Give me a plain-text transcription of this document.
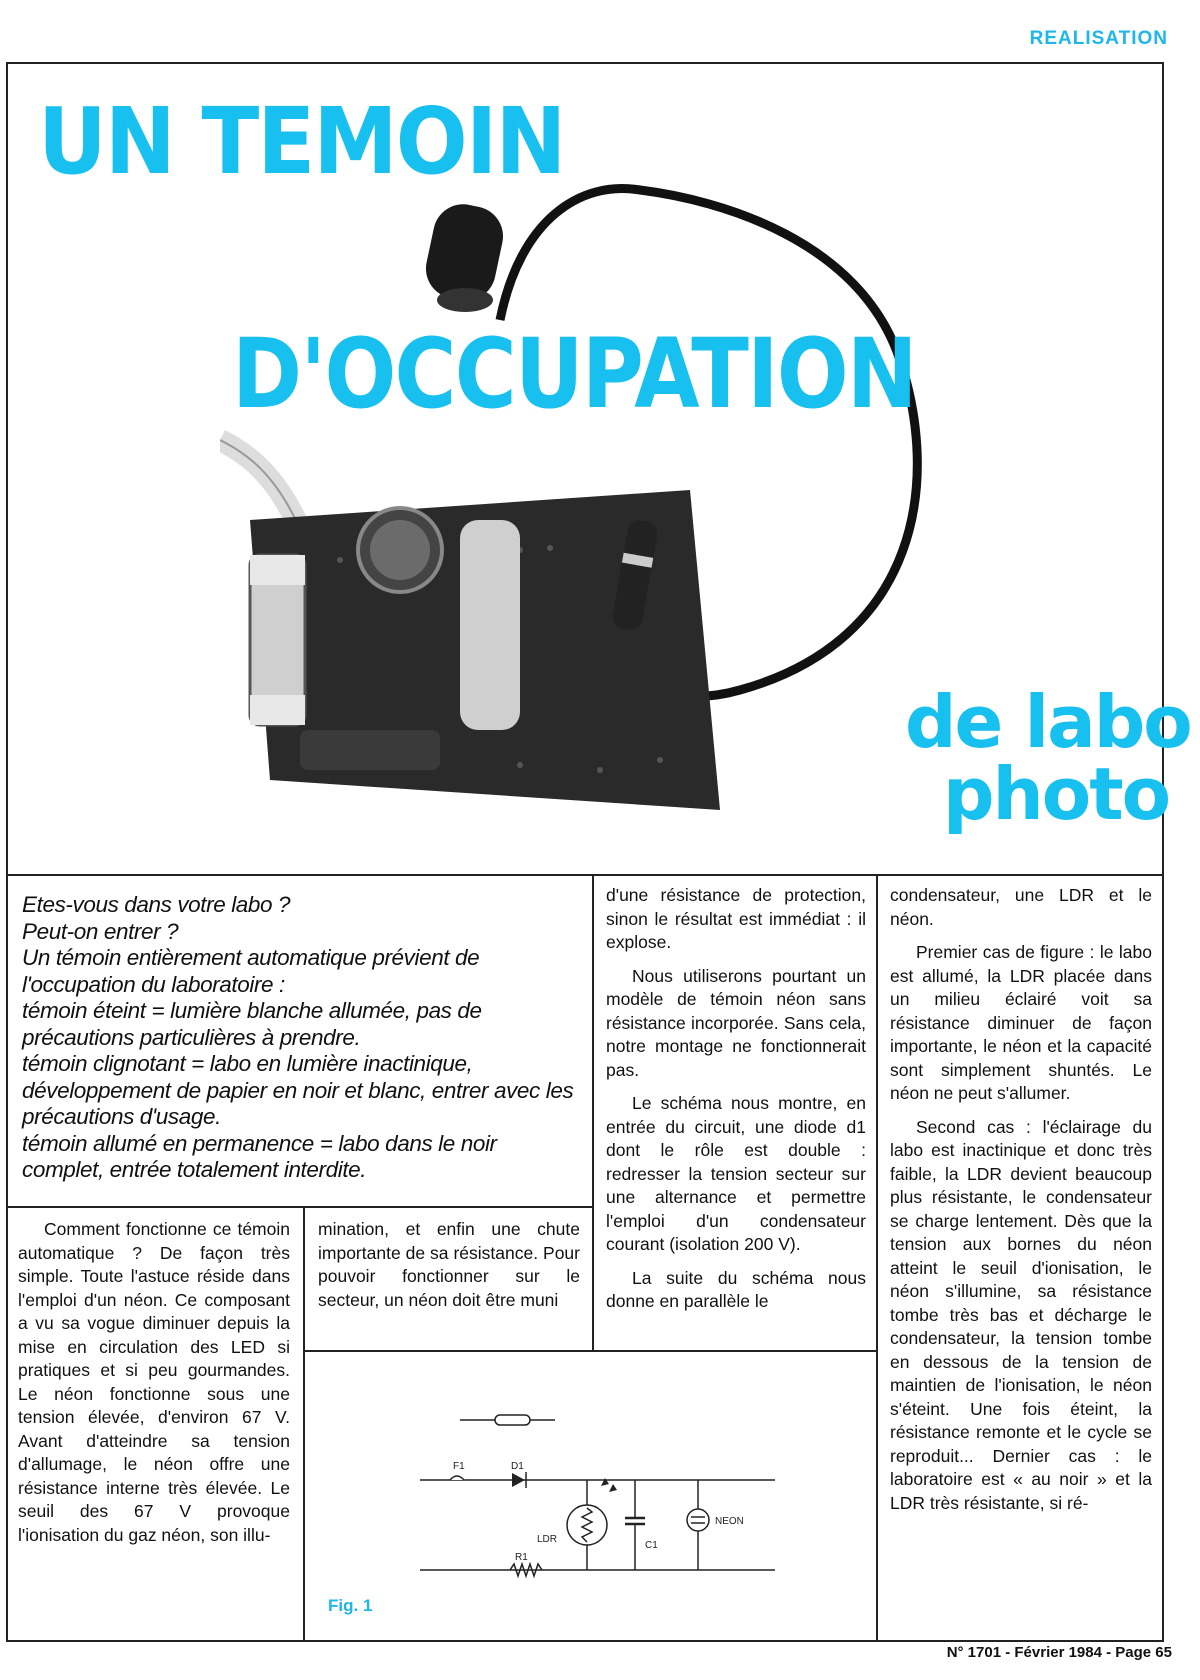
REALISATION
UN TEMOIN
D'OCCUPATION
de labo
photo

Etes-vous dans votre labo ?

Peut-on entrer ?

Un témoin entièrement automatique prévient de l'occupation du laboratoire :

témoin éteint = lumière blanche allumée, pas de précautions particulières à prendre.

témoin clignotant = labo en lumière inactinique, développement de papier en noir et blanc, entrer avec les précautions d'usage.

témoin allumé en permanence = labo dans le noir complet, entrée totalement interdite.

Comment fonctionne ce témoin automatique ? De façon très simple. Toute l'astuce réside dans l'emploi d'un néon. Ce composant a vu sa vogue diminuer depuis la mise en circulation des LED si pratiques et si peu gourmandes. Le néon fonctionne sous une tension élevée, d'environ 67 V. Avant d'atteindre sa tension d'allumage, le néon offre une résistance interne très élevée. Le seuil des 67 V provoque l'ionisation du gaz néon, son illu-

mination, et enfin une chute importante de sa résistance. Pour pouvoir fonctionner sur le secteur, un néon doit être muni

d'une résistance de protection, sinon le résultat est immédiat : il explose.

Nous utiliserons pourtant un modèle de témoin néon sans résistance incorporée. Sans cela, notre montage ne fonctionnerait pas.

Le schéma nous montre, en entrée du circuit, une diode d1 dont le rôle est double : redresser la tension secteur sur une alternance et permettre l'emploi d'un condensateur courant (isolation 200 V).

La suite du schéma nous donne en parallèle le

condensateur, une LDR et le néon.

Premier cas de figure : le labo est allumé, la LDR placée dans un milieu éclairé voit sa résistance diminuer de façon importante, le néon et la capacité sont simplement shuntés. Le néon ne peut s'allumer.

Second cas : l'éclairage du labo est inactinique et donc très faible, la LDR devient beaucoup plus résistante, le condensateur se charge lentement. Dès que la tension aux bornes du néon atteint le seuil d'ionisation, le néon s'illumine, sa résistance tombe très bas et décharge le condensateur, la tension tombe en dessous de la tension de maintien de l'ionisation, le néon s'éteint. Une fois éteint, la résistance remonte et le cycle se reproduit... Dernier cas : le laboratoire est « au noir » et la LDR très résistante, si ré-

F1	D1
LDR
C1
NEON
R1
Fig. 1
N° 1701 - Février 1984 - Page 65
